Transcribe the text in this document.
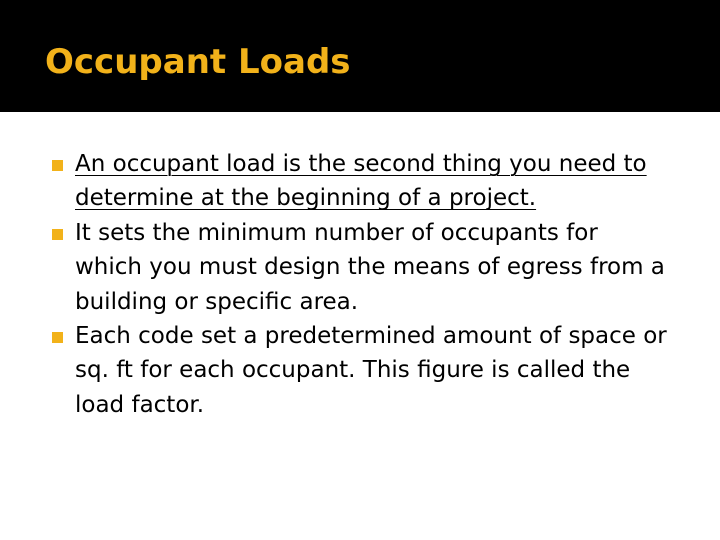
Occupant Loads
An occupant load is the second thing you need to determine at the beginning of a project.
It sets the minimum number of occupants for which you must design the means of egress from a building or specific area.
Each code set a predetermined amount of space or sq. ft for each occupant. This figure is called the load factor.
